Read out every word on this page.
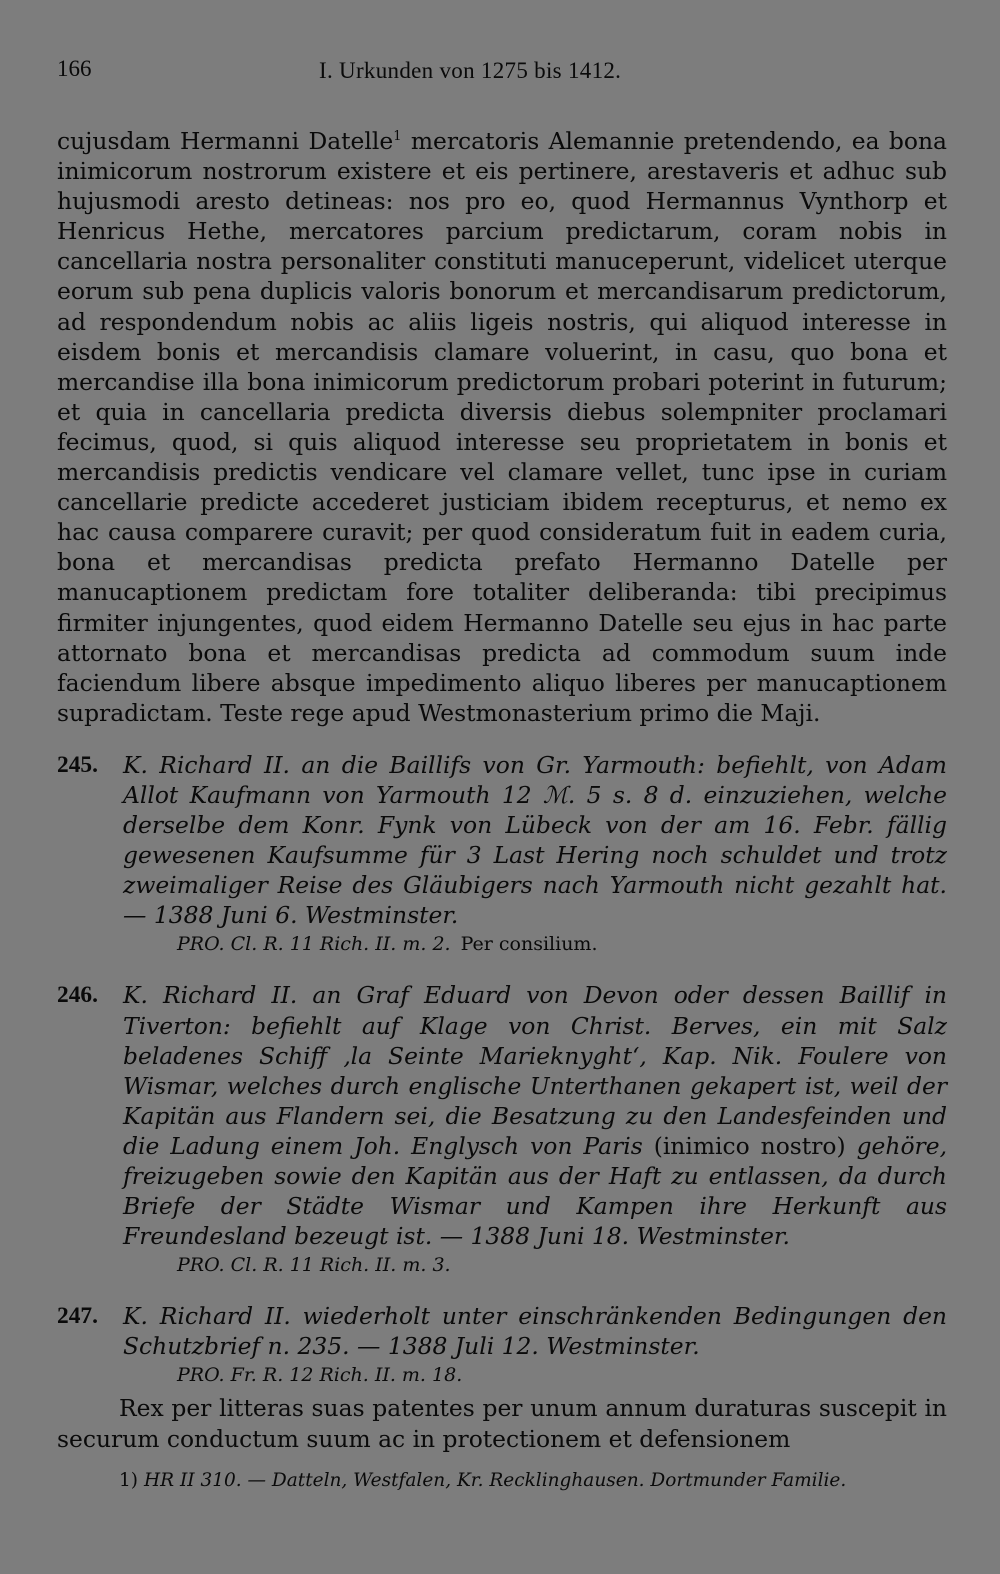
166	I. Urkunden von 1275 bis 1412.

cujusdam Hermanni Datelle$^1$ mercatoris Alemannie pretendendo, ea bona inimicorum nostrorum existere et eis pertinere, arestaveris et adhuc sub hujusmodi aresto detineas: nos pro eo, quod Hermannus Vynthorp et Henricus Hethe, mercatores parcium predictarum, coram nobis in cancellaria nostra personaliter constituti manuceperunt, videlicet uterque eorum sub pena duplicis valoris bonorum et mercandisarum predictorum, ad respondendum nobis ac aliis ligeis nostris, qui aliquod interesse in eisdem bonis et mercandisis clamare voluerint, in casu, quo bona et mercandise illa bona inimicorum predictorum probari poterint in futurum; et quia in cancellaria predicta diversis diebus solempniter proclamari fecimus, quod, si quis aliquod interesse seu proprietatem in bonis et mercandisis predictis vendicare vel clamare vellet, tunc ipse in curiam cancellarie predicte accederet justiciam ibidem recepturus, et nemo ex hac causa comparere curavit; per quod consideratum fuit in eadem curia, bona et mercandisas predicta prefato Hermanno Datelle per manucaptionem predictam fore totaliter deliberanda: tibi precipimus firmiter injungentes, quod eidem Hermanno Datelle seu ejus in hac parte attornato bona et mercandisas predicta ad commodum suum inde faciendum libere absque impedimento aliquo liberes per manucaptionem supradictam. Teste rege apud Westmonasterium primo die Maji.

245.	K. Richard II. an die Baillifs von Gr. Yarmouth: befiehlt, von Adam Allot Kaufmann von Yarmouth 12 ℳ. 5 s. 8 d. einzuziehen, welche derselbe dem Konr. Fynk von Lübeck von der am 16. Febr. fällig gewesenen Kaufsumme für 3 Last Hering noch schuldet und trotz zweimaliger Reise des Gläubigers nach Yarmouth nicht gezahlt hat. — 1388 Juni 6. Westminster.
PRO. Cl. R. 11 Rich. II. m. 2. Per consilium.
246.	K. Richard II. an Graf Eduard von Devon oder dessen Baillif in Tiverton: befiehlt auf Klage von Christ. Berves, ein mit Salz beladenes Schiff ‚la Seinte Marieknyght‘, Kap. Nik. Foulere von Wismar, welches durch englische Unterthanen gekapert ist, weil der Kapitän aus Flandern sei, die Besatzung zu den Landesfeinden und die Ladung einem Joh. Englysch von Paris (inimico nostro) gehöre, freizugeben sowie den Kapitän aus der Haft zu entlassen, da durch Briefe der Städte Wismar und Kampen ihre Herkunft aus Freundesland bezeugt ist. — 1388 Juni 18. Westminster.
PRO. Cl. R. 11 Rich. II. m. 3.
247.	K. Richard II. wiederholt unter einschränkenden Bedingungen den Schutzbrief n. 235. — 1388 Juli 12. Westminster.
PRO. Fr. R. 12 Rich. II. m. 18.
Rex per litteras suas patentes per unum annum duraturas suscepit in securum conductum suum ac in protectionem et defensionem
1) HR II 310. — Datteln, Westfalen, Kr. Recklinghausen. Dortmunder Familie.
